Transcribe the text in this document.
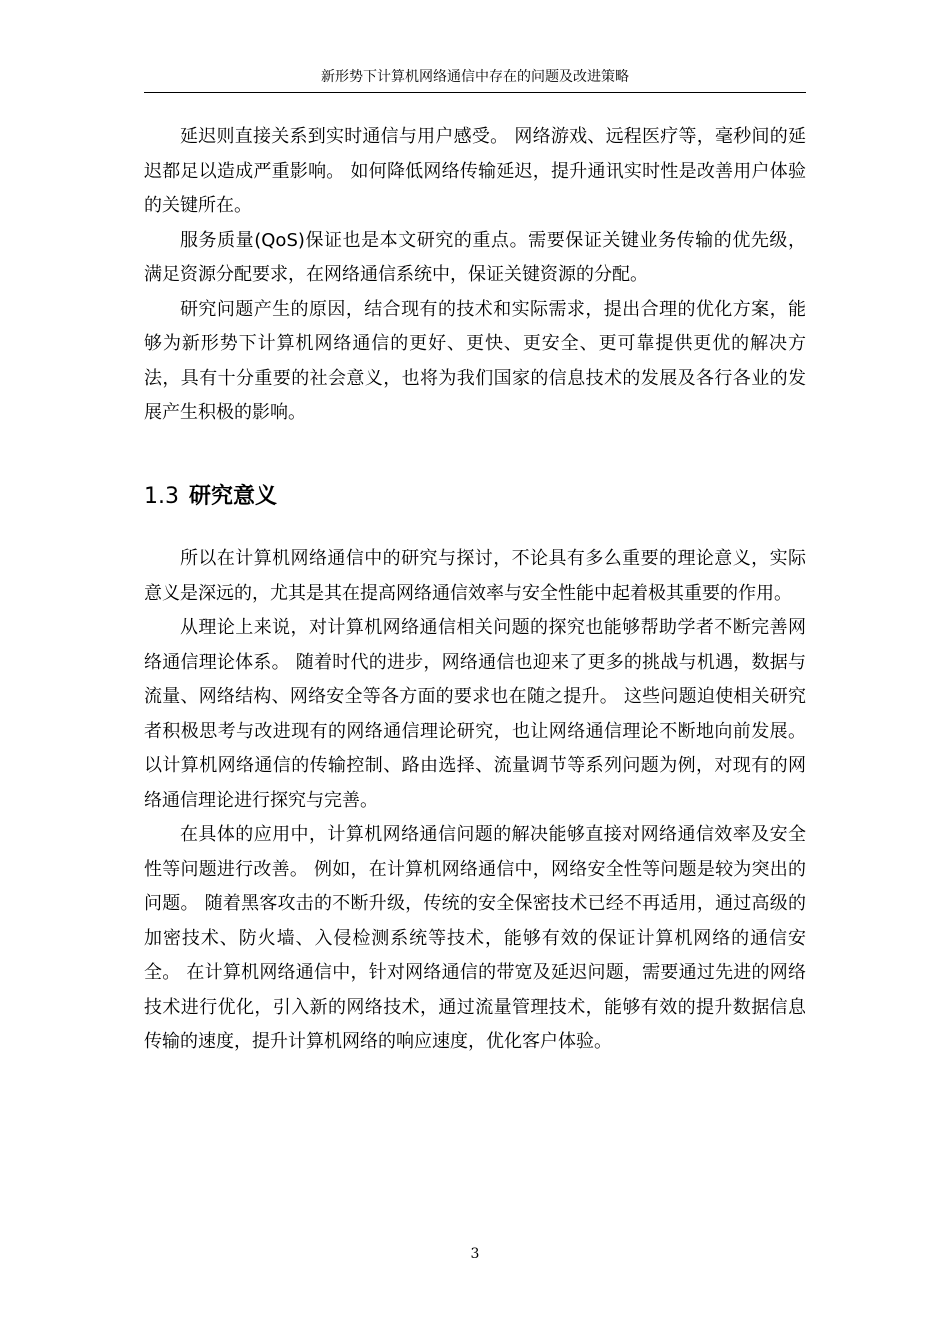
新形势下计算机网络通信中存在的问题及改进策略

延迟则直接关系到实时通信与用户感受。 网络游戏、远程医疗等，毫秒间的延迟都足以造成严重影响。 如何降低网络传输延迟，提升通讯实时性是改善用户体验的关键所在。

服务质量(QoS)保证也是本文研究的重点。需要保证关键业务传输的优先级，满足资源分配要求，在网络通信系统中，保证关键资源的分配。

研究问题产生的原因，结合现有的技术和实际需求，提出合理的优化方案，能够为新形势下计算机网络通信的更好、更快、更安全、更可靠提供更优的解决方法，具有十分重要的社会意义，也将为我们国家的信息技术的发展及各行各业的发展产生积极的影响。

1.3 研究意义

所以在计算机网络通信中的研究与探讨，不论具有多么重要的理论意义，实际意义是深远的，尤其是其在提高网络通信效率与安全性能中起着极其重要的作用。

从理论上来说，对计算机网络通信相关问题的探究也能够帮助学者不断完善网络通信理论体系。 随着时代的进步，网络通信也迎来了更多的挑战与机遇，数据与流量、网络结构、网络安全等各方面的要求也在随之提升。 这些问题迫使相关研究者积极思考与改进现有的网络通信理论研究，也让网络通信理论不断地向前发展。 以计算机网络通信的传输控制、路由选择、流量调节等系列问题为例，对现有的网络通信理论进行探究与完善。

在具体的应用中，计算机网络通信问题的解决能够直接对网络通信效率及安全性等问题进行改善。 例如，在计算机网络通信中，网络安全性等问题是较为突出的问题。 随着黑客攻击的不断升级，传统的安全保密技术已经不再适用，通过高级的加密技术、防火墙、入侵检测系统等技术，能够有效的保证计算机网络的通信安全。 在计算机网络通信中，针对网络通信的带宽及延迟问题，需要通过先进的网络技术进行优化，引入新的网络技术，通过流量管理技术，能够有效的提升数据信息传输的速度，提升计算机网络的响应速度，优化客户体验。

3
